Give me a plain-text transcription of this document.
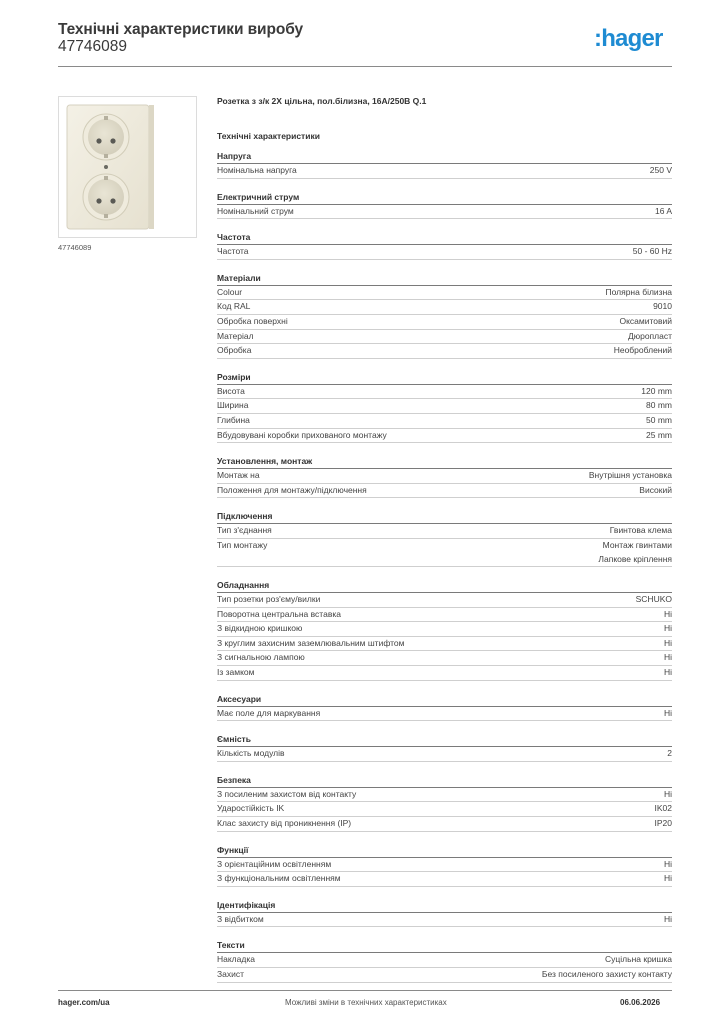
Технічні характеристики виробу
47746089	:hager
47746089
Розетка з з/к 2X цільна, пол.білизна, 16А/250В Q.1
Технічні характеристики
Напруга
Номінальна напруга	250 V
Електричний струм
Номінальний струм	16 A
Частота
Частота	50 - 60 Hz
Матеріали
Colour	Полярна білизна
Код RAL	9010
Обробка поверхні	Оксамитовий
Матеріал	Дюропласт
Обробка	Необроблений
Розміри
Висота	120 mm
Ширина	80 mm
Глибина	50 mm
Вбудовувані коробки прихованого монтажу	25 mm
Установлення, монтаж
Монтаж на	Внутрішня установка
Положення для монтажу/підключення	Високий
Підключення
Тип з'єднання	Гвинтова клема
Тип монтажу	Монтаж гвинтами
Лапкове кріплення
Обладнання
Тип розетки роз'єму/вилки	SCHUKO
Поворотна центральна вставка	Ні
З відкидною кришкою	Ні
З круглим захисним заземлювальним штифтом	Ні
З сигнальною лампою	Ні
Із замком	Ні
Аксесуари
Має поле для маркування	Ні
Ємність
Кількість модулів	2
Безпека
З посиленим захистом від контакту	Ні
Ударостійкість IK	IK02
Клас захисту від проникнення (IP)	IP20
Функції
З орієнтаційним освітленням	Ні
З функціональним освітленням	Ні
Ідентифікація
З відбитком	Ні
Тексти
Накладка	Суцільна кришка
Захист	Без посиленого захисту контакту
hager.com/ua	Можливі зміни в технічних характеристиках	06.06.2026
